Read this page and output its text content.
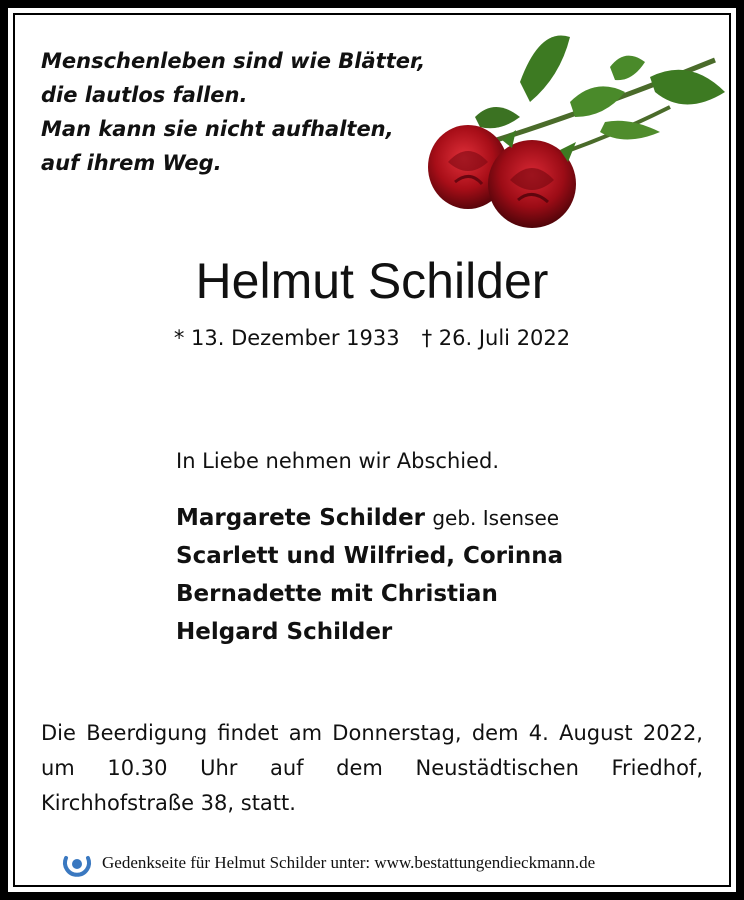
Menschenleben sind wie Blätter,
die lautlos fallen.
Man kann sie nicht aufhalten,
auf ihrem Weg.
Helmut Schilder
* 13. Dezember 1933 † 26. Juli 2022
In Liebe nehmen wir Abschied.
Margarete Schilder geb. Isensee
Scarlett und Wilfried, Corinna
Bernadette mit Christian
Helgard Schilder
Die Beerdigung findet am Donnerstag, dem 4. August 2022, um 10.30 Uhr auf dem Neustädtischen Friedhof, Kirchhofstraße 38, statt.
Gedenkseite für Helmut Schilder unter: www.bestattungendieckmann.de
